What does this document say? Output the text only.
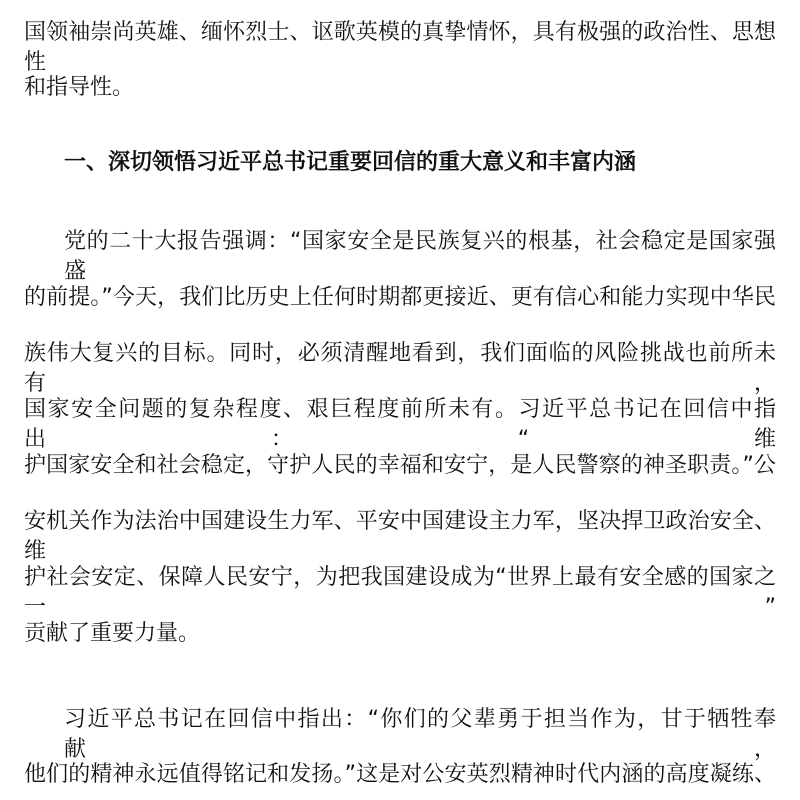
国领袖崇尚英雄、缅怀烈士、讴歌英模的真挚情怀，具有极强的政治性、思想性
和指导性。
一、深切领悟习近平总书记重要回信的重大意义和丰富内涵
党的二十大报告强调：“国家安全是民族复兴的根基，社会稳定是国家强盛
的前提。”今天，我们比历史上任何时期都更接近、更有信心和能力实现中华民
族伟大复兴的目标。同时，必须清醒地看到，我们面临的风险挑战也前所未有，
国家安全问题的复杂程度、艰巨程度前所未有。习近平总书记在回信中指出：“维
护国家安全和社会稳定，守护人民的幸福和安宁，是人民警察的神圣职责。”公
安机关作为法治中国建设生力军、平安中国建设主力军，坚决捍卫政治安全、维
护社会安定、保障人民安宁，为把我国建设成为“世界上最有安全感的国家之一”
贡献了重要力量。
习近平总书记在回信中指出：“你们的父辈勇于担当作为，甘于牺牲奉献，
他们的精神永远值得铭记和发扬。”这是对公安英烈精神时代内涵的高度凝练、
